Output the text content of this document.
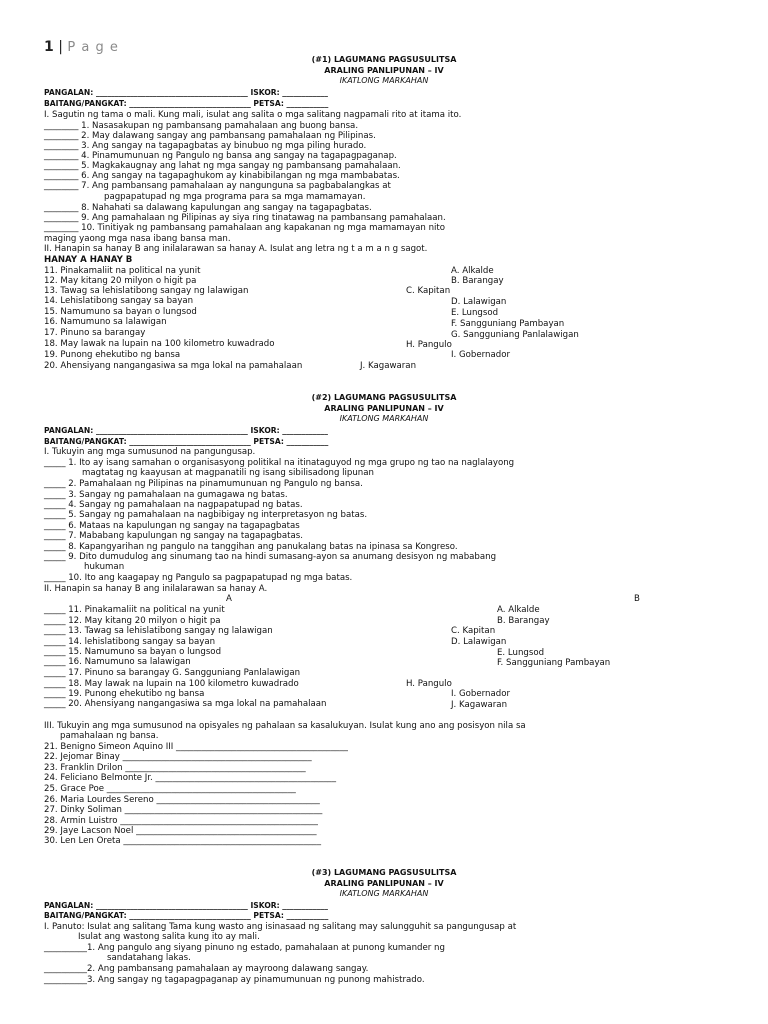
1 | P a g e
(#1) LAGUMANG PAGSUSULITSA
ARALING PANLIPUNAN – IV
IKATLONG MARKAHAN
PANGALAN: ________________________________________ ISKOR: ____________
BAITANG/PANGKAT: ________________________________ PETSA: ___________
I. Sagutin ng tama o mali. Kung mali, isulat ang salita o mga salitang nagpamali rito at itama ito.
________ 1. Nasasakupan ng pambansang pamahalaan ang buong bansa.
________ 2. May dalawang sangay ang pambansang pamahalaan ng Pilipinas.
________ 3. Ang sangay na tagapagbatas ay binubuo ng mga piling hurado.
________ 4. Pinamumunuan ng Pangulo ng bansa ang sangay na tagapagpaganap.
________ 5. Magkakaugnay ang lahat ng mga sangay ng pambansang pamahalaan.
________ 6. Ang sangay na tagapaghukom ay kinabibilangan ng mga mambabatas.
________ 7. Ang pambansang pamahalaan ay nangunguna sa pagbabalangkas at
pagpapatupad ng mga programa para sa mga mamamayan.
________ 8. Nahahati sa dalawang kapulungan ang sangay na tagapagbatas.
________ 9. Ang pamahalaan ng Pilipinas ay siya ring tinatawag na pambansang pamahalaan.
________ 10. Tinitiyak ng pambansang pamahalaan ang kapakanan ng mga mamamayan nito
maging yaong mga nasa ibang bansa man.
II. Hanapin sa hanay B ang inilalarawan sa hanay A. Isulat ang letra ng t a m a n g sagot.
HANAY A HANAY B
11. Pinakamaliit na political na yunit
12. May kitang 20 milyon o higit pa
13. Tawag sa lehislatibong sangay ng lalawigan
14. Lehislatibong sangay sa bayan
15. Namumuno sa bayan o lungsod
16. Namumuno sa lalawigan
17. Pinuno sa barangay
18. May lawak na lupain na 100 kilometro kuwadrado
19. Punong ehekutibo ng bansa
20. Ahensiyang nangangasiwa sa mga lokal na pamahalaan
A. Alkalde
B. Barangay
C. Kapitan
D. Lalawigan
E. Lungsod
F. Sangguniang Pambayan
G. Sangguniang Panlalawigan
H. Pangulo
I. Gobernador
J. Kagawaran
(#2) LAGUMANG PAGSUSULITSA
ARALING PANLIPUNAN – IV
IKATLONG MARKAHAN
PANGALAN: ________________________________________ ISKOR: ____________
BAITANG/PANGKAT: ________________________________ PETSA: ___________
I. Tukuyin ang mga sumusunod na pangungusap.
_____ 1. Ito ay isang samahan o organisasyong politikal na itinataguyod ng mga grupo ng tao na naglalayong
magtatag ng kaayusan at magpanatili ng isang sibilisadong lipunan
_____ 2. Pamahalaan ng Pilipinas na pinamumunuan ng Pangulo ng bansa.
_____ 3. Sangay ng pamahalaan na gumagawa ng batas.
_____ 4. Sangay ng pamahalaan na nagpapatupad ng batas.
_____ 5. Sangay ng pamahalaan na nagbibigay ng interpretasyon ng batas.
_____ 6. Mataas na kapulungan ng sangay na tagapagbatas
_____ 7. Mababang kapulungan ng sangay na tagapagbatas.
_____ 8. Kapangyarihan ng pangulo na tanggihan ang panukalang batas na ipinasa sa Kongreso.
_____ 9. Dito dumudulog ang sinumang tao na hindi sumasang-ayon sa anumang desisyon ng mababang
hukuman
_____ 10. Ito ang kaagapay ng Pangulo sa pagpapatupad ng mga batas.
II. Hanapin sa hanay B ang inilalarawan sa hanay A.
A	B
_____ 11. Pinakamaliit na political na yunit
_____ 12. May kitang 20 milyon o higit pa
_____ 13. Tawag sa lehislatibong sangay ng lalawigan
_____ 14. lehislatibong sangay sa bayan
_____ 15. Namumuno sa bayan o lungsod
_____ 16. Namumuno sa lalawigan
_____ 17. Pinuno sa barangay G. Sangguniang Panlalawigan
_____ 18. May lawak na lupain na 100 kilometro kuwadrado
_____ 19. Punong ehekutibo ng bansa
_____ 20. Ahensiyang nangangasiwa sa mga lokal na pamahalaan
A. Alkalde
B. Barangay
C. Kapitan
D. Lalawigan
E. Lungsod
F. Sangguniang Pambayan
H. Pangulo
I. Gobernador
J. Kagawaran
III. Tukuyin ang mga sumusunod na opisyales ng pahalaan sa kasalukuyan. Isulat kung ano ang posisyon nila sa
pamahalaan ng bansa.
21. Benigno Simeon Aquino III ________________________________________
22. Jejomar Binay ____________________________________________
23. Franklin Drilon __________________________________________
24. Feliciano Belmonte Jr. __________________________________________
25. Grace Poe ____________________________________________
26. Maria Lourdes Sereno ______________________________________
27. Dinky Soliman ______________________________________________
28. Armin Luistro ______________________________________________
29. Jaye Lacson Noel __________________________________________
30. Len Len Oreta ______________________________________________
(#3) LAGUMANG PAGSUSULITSA
ARALING PANLIPUNAN – IV
IKATLONG MARKAHAN
PANGALAN: ________________________________________ ISKOR: ____________
BAITANG/PANGKAT: ________________________________ PETSA: ___________
I. Panuto: Isulat ang salitang Tama kung wasto ang isinasaad ng salitang may salungguhit sa pangungusap at
Isulat ang wastong salita kung ito ay mali.
__________1. Ang pangulo ang siyang pinuno ng estado, pamahalaan at punong kumander ng
sandatahang lakas.
__________2. Ang pambansang pamahalaan ay mayroong dalawang sangay.
__________3. Ang sangay ng tagapagpaganap ay pinamumunuan ng punong mahistrado.
